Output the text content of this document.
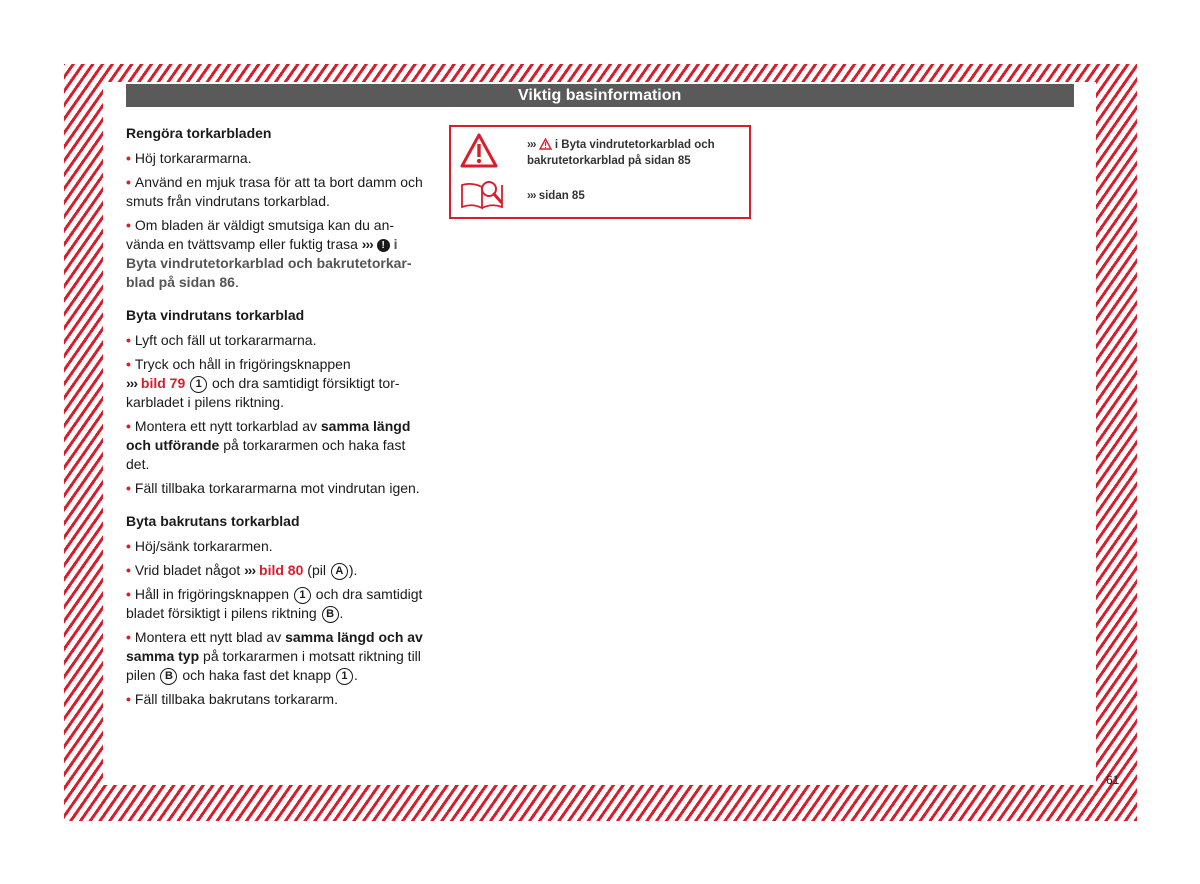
Viktig basinformation
Rengöra torkarbladen
• Höj torkararmarna.
• Använd en mjuk trasa för att ta bort damm och smuts från vindrutans torkarblad.
• Om bladen är väldigt smutsiga kan du använda en tvättsvamp eller fuktig trasa ››› ! i Byta vindrutetorkarblad och bakrutetorkarblad på sidan 86.
Byta vindrutans torkarblad
• Lyft och fäll ut torkararmarna.
• Tryck och håll in frigöringsknappen
››› bild 79 1 och dra samtidigt försiktigt torkarbladet i pilens riktning.
• Montera ett nytt torkarblad av samma längd och utförande på torkararmen och haka fast det.
• Fäll tillbaka torkararmarna mot vindrutan igen.
Byta bakrutans torkarblad
• Höj/sänk torkararmen.
• Vrid bladet något ››› bild 80 (pil A ).
• Håll in frigöringsknappen 1 och dra samtidigt bladet försiktigt i pilens riktning B .
• Montera ett nytt blad av samma längd och av samma typ på torkararmen i motsatt riktning till pilen B och haka fast det knapp 1 .
• Fäll tillbaka bakrutans torkararm.
››› i Byta vindrutetorkarblad och bakrutetorkarblad på sidan 85
››› sidan 85
61
